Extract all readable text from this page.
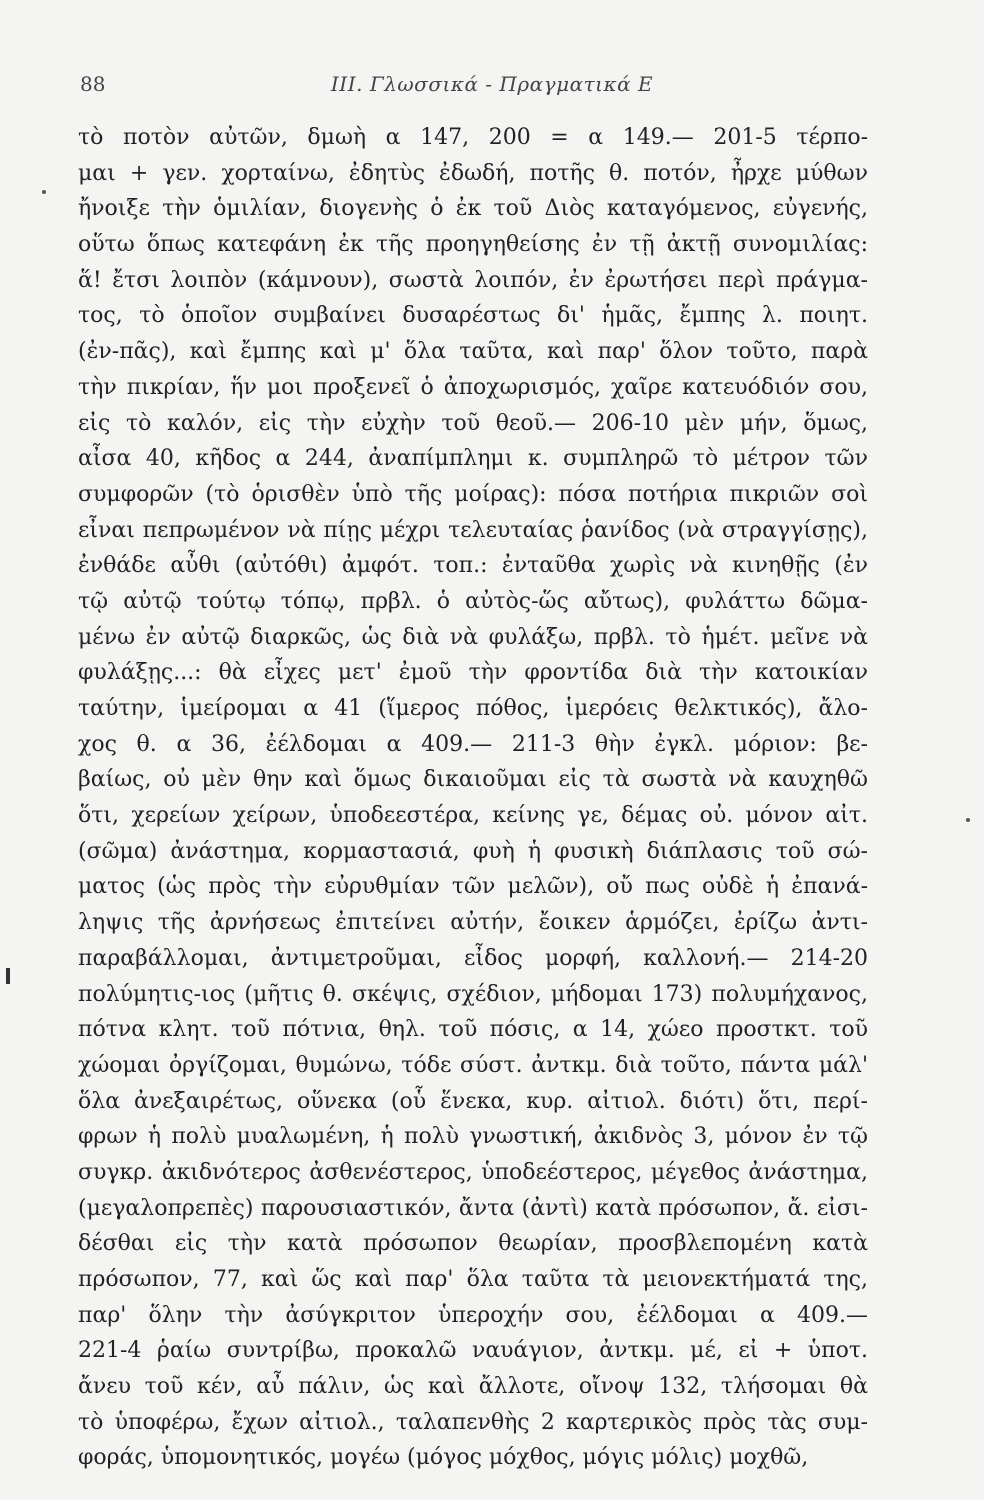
88	III. Γλωσσικά - Πραγματικά Ε
τὸ ποτὸν αὐτῶν, δμωὴ α 147, 200 = α 149.— 201-5 τέρπο-
μαι + γεν. χορταίνω, ἐδητὺς ἐδωδή, ποτῆς θ. ποτόν, ἦρχε μύθων
ἤνοιξε τὴν ὁμιλίαν, διογενὴς ὁ ἐκ τοῦ Διὸς καταγόμενος, εὐγενής,
οὕτω ὅπως κατεφάνη ἐκ τῆς προηγηθείσης ἐν τῇ ἀκτῇ συνομιλίας:
ἅ! ἔτσι λοιπὸν (κάμνουν), σωστὰ λοιπόν, ἐν ἐρωτήσει περὶ πράγμα-
τος, τὸ ὁποῖον συμβαίνει δυσαρέστως δι' ἡμᾶς, ἔμπης λ. ποιητ.
(ἐν-πᾶς), καὶ ἔμπης καὶ μ' ὅλα ταῦτα, καὶ παρ' ὅλον τοῦτο, παρὰ
τὴν πικρίαν, ἥν μοι προξενεῖ ὁ ἀποχωρισμός, χαῖρε κατευόδιόν σου,
εἰς τὸ καλόν, εἰς τὴν εὐχὴν τοῦ θεοῦ.— 206-10 μὲν μήν, ὅμως,
αἶσα 40, κῆδος α 244, ἀναπίμπλημι κ. συμπληρῶ τὸ μέτρον τῶν
συμφορῶν (τὸ ὁρισθὲν ὑπὸ τῆς μοίρας): πόσα ποτήρια πικριῶν σοὶ
εἶναι πεπρωμένον νὰ πίῃς μέχρι τελευταίας ῥανίδος (νὰ στραγγίσῃς),
ἐνθάδε αὖθι (αὐτόθι) ἀμφότ. τοπ.: ἐνταῦθα χωρὶς νὰ κινηθῇς (ἐν
τῷ αὐτῷ τούτῳ τόπῳ, πρβλ. ὁ αὐτὸς-ὥς αὔτως), φυλάττω δῶμα-
μένω ἐν αὐτῷ διαρκῶς, ὡς διὰ νὰ φυλάξω, πρβλ. τὸ ἡμέτ. μεῖνε νὰ
φυλάξῃς...: θὰ εἶχες μετ' ἐμοῦ τὴν φροντίδα διὰ τὴν κατοικίαν
ταύτην, ἱμείρομαι α 41 (ἵμερος πόθος, ἱμερόεις θελκτικός), ἄλο-
χος θ. α 36, ἐέλδομαι α 409.— 211-3 θὴν ἐγκλ. μόριον: βε-
βαίως, οὐ μὲν θην καὶ ὅμως δικαιοῦμαι εἰς τὰ σωστὰ νὰ καυχηθῶ
ὅτι, χερείων χείρων, ὑποδεεστέρα, κείνης γε, δέμας οὐ. μόνον αἰτ.
(σῶμα) ἀνάστημα, κορμαστασιά, φυὴ ἡ φυσικὴ διάπλασις τοῦ σώ-
ματος (ὡς πρὸς τὴν εὐρυθμίαν τῶν μελῶν), οὔ πως οὐδὲ ἡ ἐπανά-
ληψις τῆς ἀρνήσεως ἐπιτείνει αὐτήν, ἔοικεν ἁρμόζει, ἐρίζω ἀντι-
παραβάλλομαι, ἀντιμετροῦμαι, εἶδος μορφή, καλλονή.— 214-20
πολύμητις-ιος (μῆτις θ. σκέψις, σχέδιον, μήδομαι 173) πολυμήχανος,
πότνα κλητ. τοῦ πότνια, θηλ. τοῦ πόσις, α 14, χώεο προστκτ. τοῦ
χώομαι ὀργίζομαι, θυμώνω, τόδε σύστ. ἀντκμ. διὰ τοῦτο, πάντα μάλ'
ὅλα ἀνεξαιρέτως, οὕνεκα (οὗ ἕνεκα, κυρ. αἰτιολ. διότι) ὅτι, περί-
φρων ἡ πολὺ μυαλωμένη, ἡ πολὺ γνωστική, ἀκιδνὸς 3, μόνον ἐν τῷ
συγκρ. ἀκιδνότερος ἀσθενέστερος, ὑποδεέστερος, μέγεθος ἀνάστημα,
(μεγαλοπρεπὲς) παρουσιαστικόν, ἄντα (ἀντὶ) κατὰ πρόσωπον, ἄ. εἰσι-
δέσθαι εἰς τὴν κατὰ πρόσωπον θεωρίαν, προσβλεπομένη κατὰ
πρόσωπον, 77, καὶ ὥς καὶ παρ' ὅλα ταῦτα τὰ μειονεκτήματά της,
παρ' ὅλην τὴν ἀσύγκριτον ὑπεροχήν σου, ἐέλδομαι α 409.—
221-4 ῥαίω συντρίβω, προκαλῶ ναυάγιον, ἀντκμ. μέ, εἰ + ὑποτ.
ἄνευ τοῦ κέν, αὖ πάλιν, ὡς καὶ ἄλλοτε, οἴνοψ 132, τλήσομαι θὰ
τὸ ὑποφέρω, ἔχων αἰτιολ., ταλαπενθὴς 2 καρτερικὸς πρὸς τὰς συμ-
φοράς, ὑπομονητικός, μογέω (μόγος μόχθος, μόγις μόλις) μοχθῶ,
